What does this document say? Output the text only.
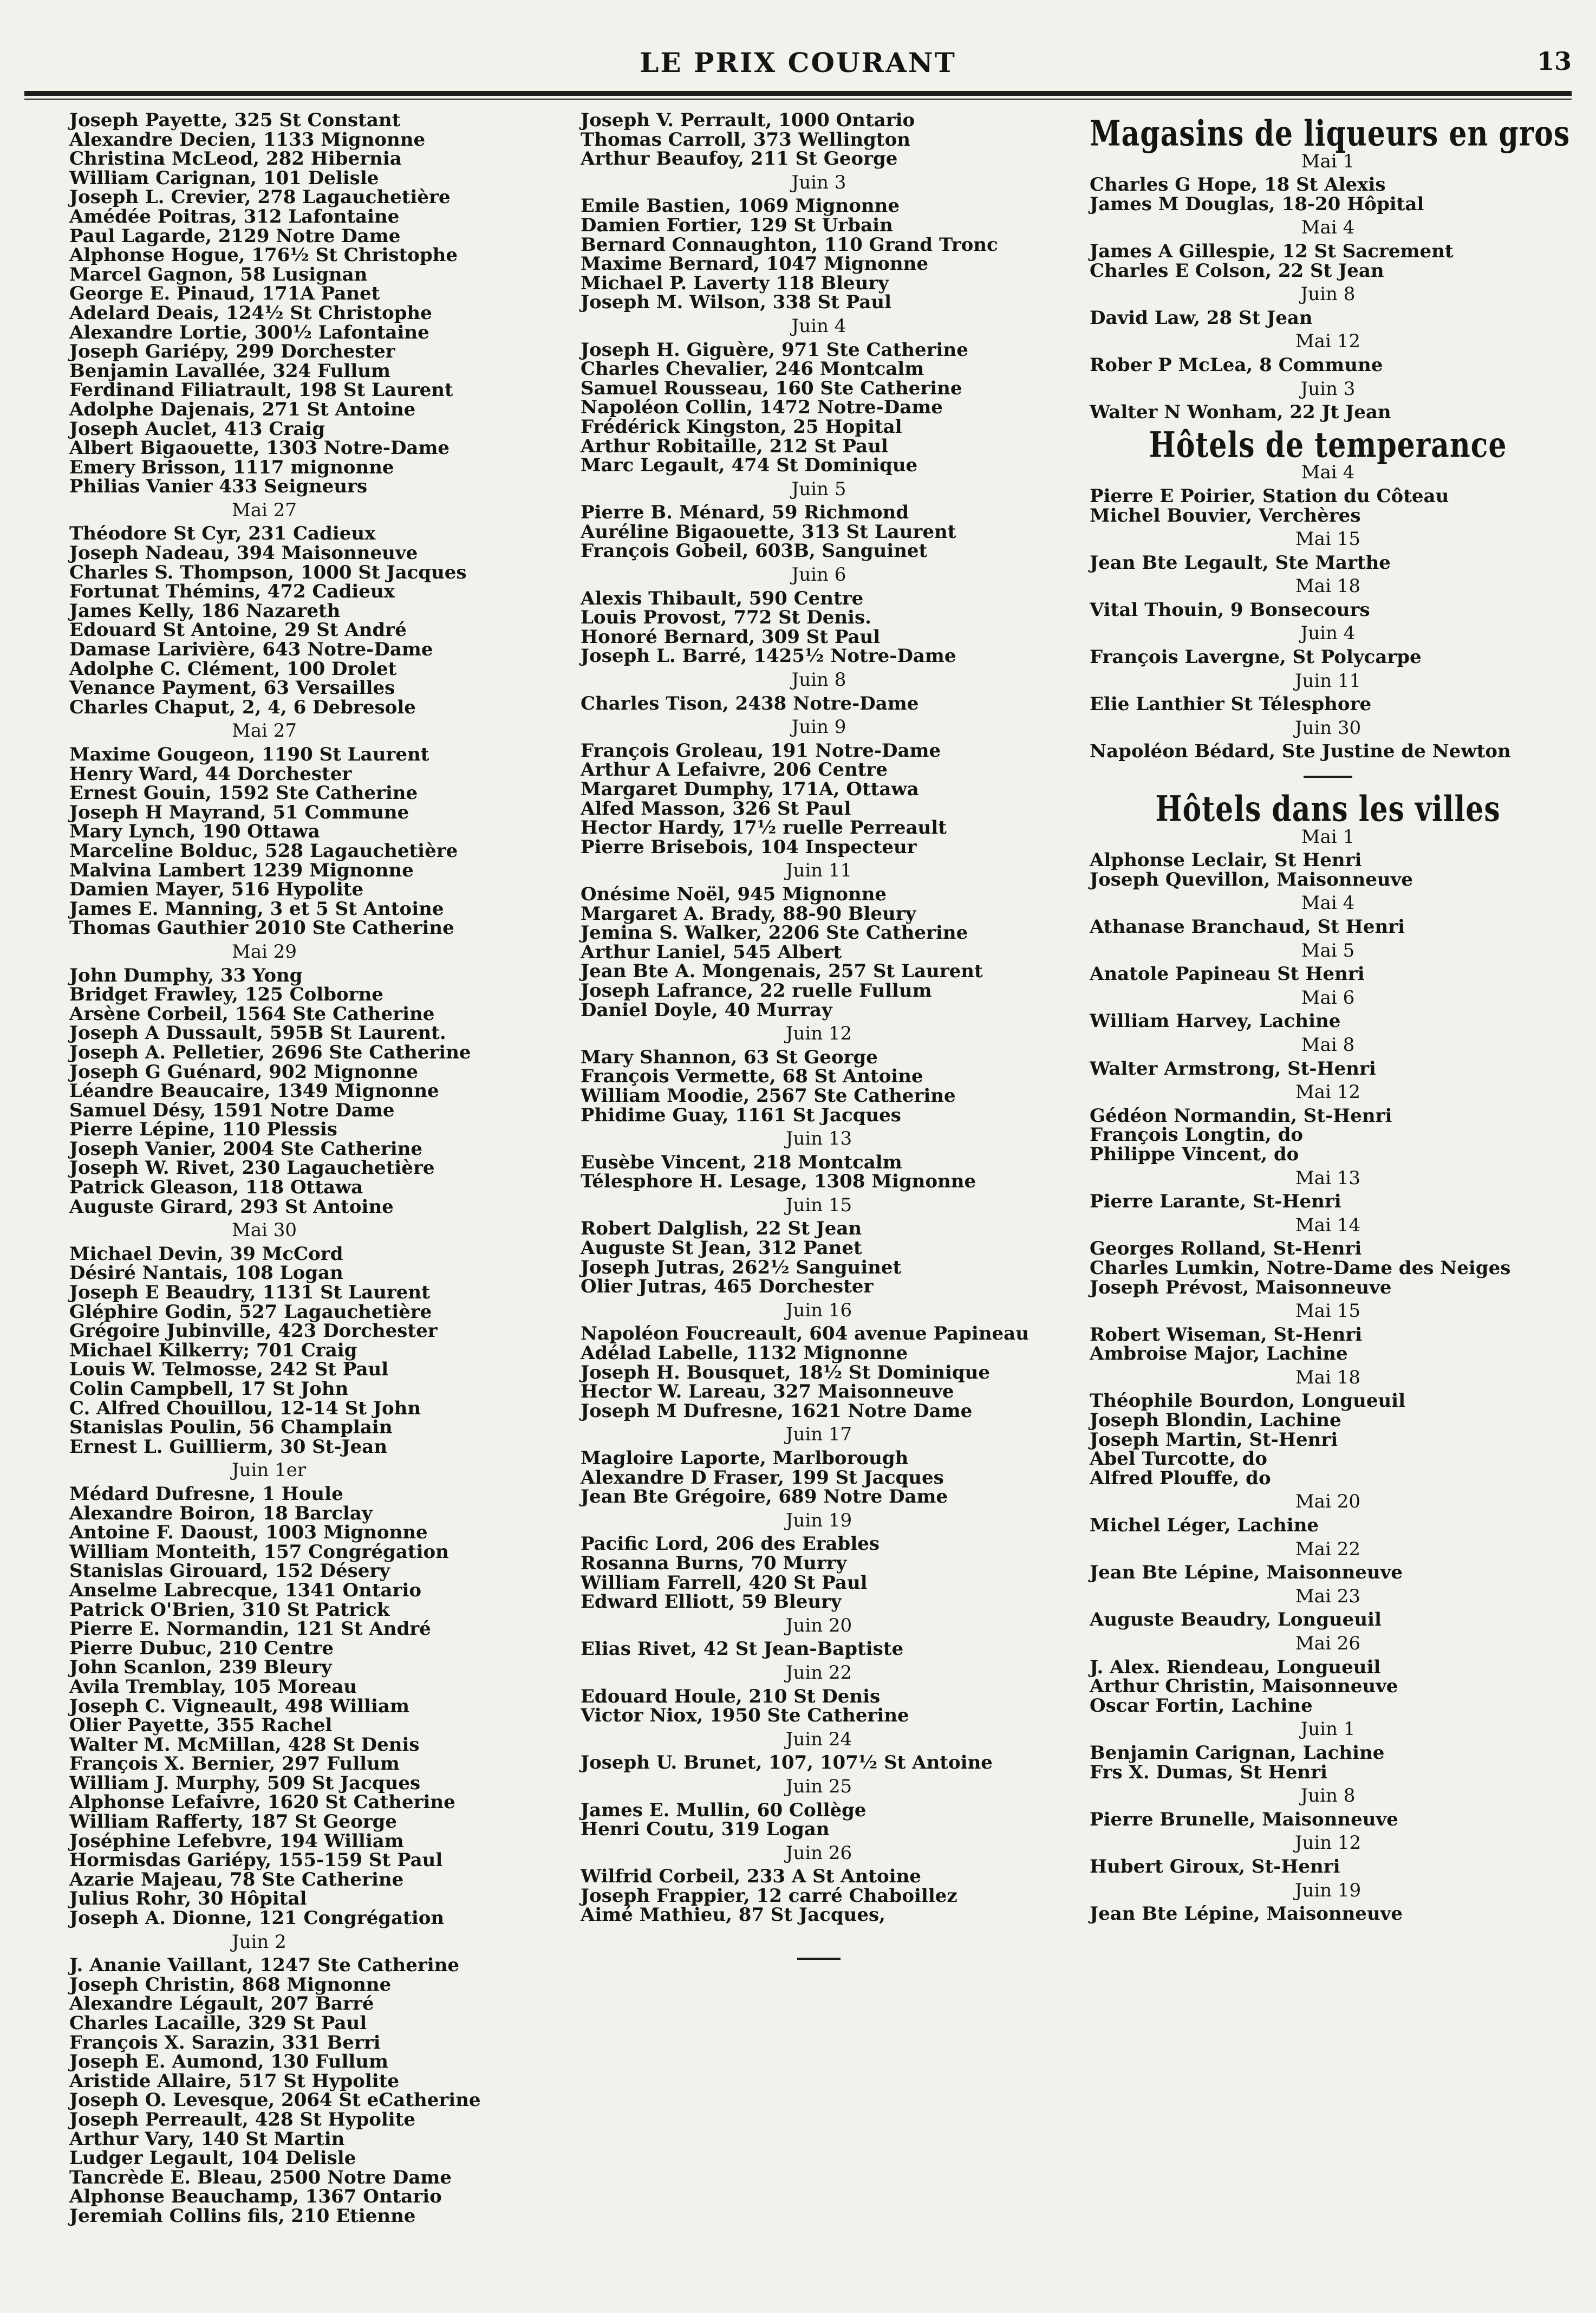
LE PRIX COURANT	13
Joseph Payette, 325 St Constant
Alexandre Decien, 1133 Mignonne
Christina McLeod, 282 Hibernia
William Carignan, 101 Delisle
Joseph L. Crevier, 278 Lagauchetière
Amédée Poitras, 312 Lafontaine
Paul Lagarde, 2129 Notre Dame
Alphonse Hogue, 176½ St Christophe
Marcel Gagnon, 58 Lusignan
George E. Pinaud, 171A Panet
Adelard Deais, 124½ St Christophe
Alexandre Lortie, 300½ Lafontaine
Joseph Gariépy, 299 Dorchester
Benjamin Lavallée, 324 Fullum
Ferdinand Filiatrault, 198 St Laurent
Adolphe Dajenais, 271 St Antoine
Joseph Auclet, 413 Craig
Albert Bigaouette, 1303 Notre-Dame
Emery Brisson, 1117 mignonne
Philias Vanier 433 Seigneurs
Mai 27
Théodore St Cyr, 231 Cadieux
Joseph Nadeau, 394 Maisonneuve
Charles S. Thompson, 1000 St Jacques
Fortunat Thémins, 472 Cadieux
James Kelly, 186 Nazareth
Edouard St Antoine, 29 St André
Damase Larivière, 643 Notre-Dame
Adolphe C. Clément, 100 Drolet
Venance Payment, 63 Versailles
Charles Chaput, 2, 4, 6 Debresole
Mai 27
Maxime Gougeon, 1190 St Laurent
Henry Ward, 44 Dorchester
Ernest Gouin, 1592 Ste Catherine
Joseph H Mayrand, 51 Commune
Mary Lynch, 190 Ottawa
Marceline Bolduc, 528 Lagauchetière
Malvina Lambert 1239 Mignonne
Damien Mayer, 516 Hypolite
James E. Manning, 3 et 5 St Antoine
Thomas Gauthier 2010 Ste Catherine
Mai 29
John Dumphy, 33 Yong
Bridget Frawley, 125 Colborne
Arsène Corbeil, 1564 Ste Catherine
Joseph A Dussault, 595B St Laurent.
Joseph A. Pelletier, 2696 Ste Catherine
Joseph G Guénard, 902 Mignonne
Léandre Beaucaire, 1349 Mignonne
Samuel Désy, 1591 Notre Dame
Pierre Lépine, 110 Plessis
Joseph Vanier, 2004 Ste Catherine
Joseph W. Rivet, 230 Lagauchetière
Patrick Gleason, 118 Ottawa
Auguste Girard, 293 St Antoine
Mai 30
Michael Devin, 39 McCord
Désiré Nantais, 108 Logan
Joseph E Beaudry, 1131 St Laurent
Gléphire Godin, 527 Lagauchetière
Grégoire Jubinville, 423 Dorchester
Michael Kilkerry; 701 Craig
Louis W. Telmosse, 242 St Paul
Colin Campbell, 17 St John
C. Alfred Chouillou, 12-14 St John
Stanislas Poulin, 56 Champlain
Ernest L. Guillierm, 30 St-Jean
Juin 1er
Médard Dufresne, 1 Houle
Alexandre Boiron, 18 Barclay
Antoine F. Daoust, 1003 Mignonne
William Monteith, 157 Congrégation
Stanislas Girouard, 152 Désery
Anselme Labrecque, 1341 Ontario
Patrick O'Brien, 310 St Patrick
Pierre E. Normandin, 121 St André
Pierre Dubuc, 210 Centre
John Scanlon, 239 Bleury
Avila Tremblay, 105 Moreau
Joseph C. Vigneault, 498 William
Olier Payette, 355 Rachel
Walter M. McMillan, 428 St Denis
François X. Bernier, 297 Fullum
William J. Murphy, 509 St Jacques
Alphonse Lefaivre, 1620 St Catherine
William Rafferty, 187 St George
Joséphine Lefebvre, 194 William
Hormisdas Gariépy, 155-159 St Paul
Azarie Majeau, 78 Ste Catherine
Julius Rohr, 30 Hôpital
Joseph A. Dionne, 121 Congrégation
Juin 2
J. Ananie Vaillant, 1247 Ste Catherine
Joseph Christin, 868 Mignonne
Alexandre Légault, 207 Barré
Charles Lacaille, 329 St Paul
François X. Sarazin, 331 Berri
Joseph E. Aumond, 130 Fullum
Aristide Allaire, 517 St Hypolite
Joseph O. Levesque, 2064 St eCatherine
Joseph Perreault, 428 St Hypolite
Arthur Vary, 140 St Martin
Ludger Legault, 104 Delisle
Tancrède E. Bleau, 2500 Notre Dame
Alphonse Beauchamp, 1367 Ontario
Jeremiah Collins fils, 210 Etienne
Joseph V. Perrault, 1000 Ontario
Thomas Carroll, 373 Wellington
Arthur Beaufoy, 211 St George
Juin 3
Emile Bastien, 1069 Mignonne
Damien Fortier, 129 St Urbain
Bernard Connaughton, 110 Grand Tronc
Maxime Bernard, 1047 Mignonne
Michael P. Laverty 118 Bleury
Joseph M. Wilson, 338 St Paul
Juin 4
Joseph H. Giguère, 971 Ste Catherine
Charles Chevalier, 246 Montcalm
Samuel Rousseau, 160 Ste Catherine
Napoléon Collin, 1472 Notre-Dame
Frédérick Kingston, 25 Hopital
Arthur Robitaille, 212 St Paul
Marc Legault, 474 St Dominique
Juin 5
Pierre B. Ménard, 59 Richmond
Auréline Bigaouette, 313 St Laurent
François Gobeil, 603B, Sanguinet
Juin 6
Alexis Thibault, 590 Centre
Louis Provost, 772 St Denis.
Honoré Bernard, 309 St Paul
Joseph L. Barré, 1425½ Notre-Dame
Juin 8
Charles Tison, 2438 Notre-Dame
Juin 9
François Groleau, 191 Notre-Dame
Arthur A Lefaivre, 206 Centre
Margaret Dumphy, 171A, Ottawa
Alfed Masson, 326 St Paul
Hector Hardy, 17½ ruelle Perreault
Pierre Brisebois, 104 Inspecteur
Juin 11
Onésime Noël, 945 Mignonne
Margaret A. Brady, 88-90 Bleury
Jemina S. Walker, 2206 Ste Catherine
Arthur Laniel, 545 Albert
Jean Bte A. Mongenais, 257 St Laurent
Joseph Lafrance, 22 ruelle Fullum
Daniel Doyle, 40 Murray
Juin 12
Mary Shannon, 63 St George
François Vermette, 68 St Antoine
William Moodie, 2567 Ste Catherine
Phidime Guay, 1161 St Jacques
Juin 13
Eusèbe Vincent, 218 Montcalm
Télesphore H. Lesage, 1308 Mignonne
Juin 15
Robert Dalglish, 22 St Jean
Auguste St Jean, 312 Panet
Joseph Jutras, 262½ Sanguinet
Olier Jutras, 465 Dorchester
Juin 16
Napoléon Foucreault, 604 avenue Papineau
Adélad Labelle, 1132 Mignonne
Joseph H. Bousquet, 18½ St Dominique
Hector W. Lareau, 327 Maisonneuve
Joseph M Dufresne, 1621 Notre Dame
Juin 17
Magloire Laporte, Marlborough
Alexandre D Fraser, 199 St Jacques
Jean Bte Grégoire, 689 Notre Dame
Juin 19
Pacific Lord, 206 des Erables
Rosanna Burns, 70 Murry
William Farrell, 420 St Paul
Edward Elliott, 59 Bleury
Juin 20
Elias Rivet, 42 St Jean-Baptiste
Juin 22
Edouard Houle, 210 St Denis
Victor Niox, 1950 Ste Catherine
Juin 24
Joseph U. Brunet, 107, 107½ St Antoine
Juin 25
James E. Mullin, 60 Collège
Henri Coutu, 319 Logan
Juin 26
Wilfrid Corbeil, 233 A St Antoine
Joseph Frappier, 12 carré Chaboillez
Aimé Mathieu, 87 St Jacques,
Magasins de liqueurs en gros
Mai 1
Charles G Hope, 18 St Alexis
James M Douglas, 18-20 Hôpital
Mai 4
James A Gillespie, 12 St Sacrement
Charles E Colson, 22 St Jean
Juin 8
David Law, 28 St Jean
Mai 12
Rober P McLea, 8 Commune
Juin 3
Walter N Wonham, 22 Jt Jean
Hôtels de temperance
Mai 4
Pierre E Poirier, Station du Côteau
Michel Bouvier, Verchères
Mai 15
Jean Bte Legault, Ste Marthe
Mai 18
Vital Thouin, 9 Bonsecours
Juin 4
François Lavergne, St Polycarpe
Juin 11
Elie Lanthier St Télesphore
Juin 30
Napoléon Bédard, Ste Justine de Newton
Hôtels dans les villes
Mai 1
Alphonse Leclair, St Henri
Joseph Quevillon, Maisonneuve
Mai 4
Athanase Branchaud, St Henri
Mai 5
Anatole Papineau St Henri
Mai 6
William Harvey, Lachine
Mai 8
Walter Armstrong, St-Henri
Mai 12
Gédéon Normandin, St-Henri
François Longtin, do
Philippe Vincent, do
Mai 13
Pierre Larante, St-Henri
Mai 14
Georges Rolland, St-Henri
Charles Lumkin, Notre-Dame des Neiges
Joseph Prévost, Maisonneuve
Mai 15
Robert Wiseman, St-Henri
Ambroise Major, Lachine
Mai 18
Théophile Bourdon, Longueuil
Joseph Blondin, Lachine
Joseph Martin, St-Henri
Abel Turcotte, do
Alfred Plouffe, do
Mai 20
Michel Léger, Lachine
Mai 22
Jean Bte Lépine, Maisonneuve
Mai 23
Auguste Beaudry, Longueuil
Mai 26
J. Alex. Riendeau, Longueuil
Arthur Christin, Maisonneuve
Oscar Fortin, Lachine
Juin 1
Benjamin Carignan, Lachine
Frs X. Dumas, St Henri
Juin 8
Pierre Brunelle, Maisonneuve
Juin 12
Hubert Giroux, St-Henri
Juin 19
Jean Bte Lépine, Maisonneuve
